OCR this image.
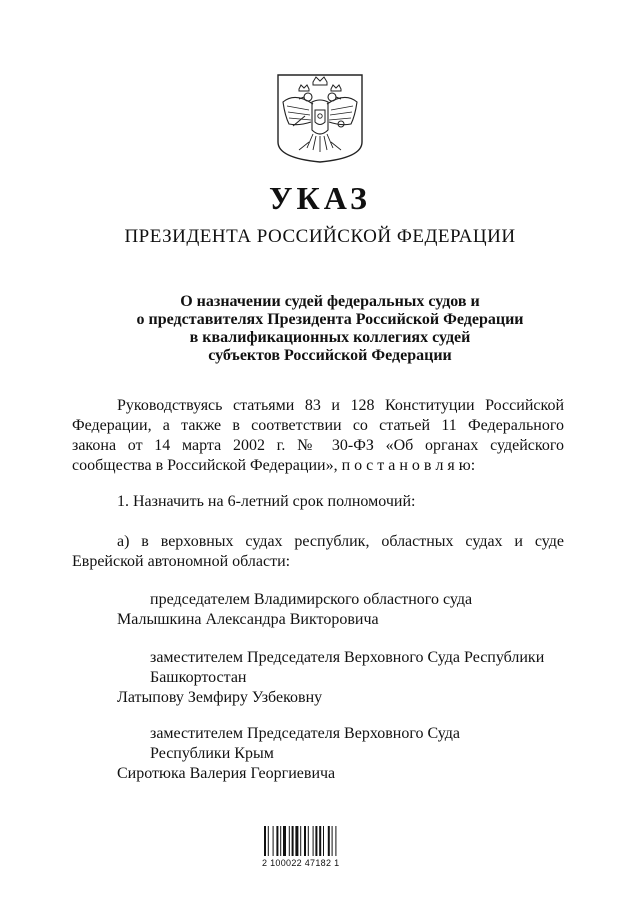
УКАЗ
ПРЕЗИДЕНТА РОССИЙСКОЙ ФЕДЕРАЦИИ
О назначении судей федеральных судов и
о представителях Президента Российской Федерации
в квалификационных коллегиях судей
субъектов Российской Федерации
Руководствуясь статьями 83 и 128 Конституции Российской
Федерации, а также в соответствии со статьей 11 Федерального
закона от 14 марта 2002 г. № 30-ФЗ «Об органах судейского
сообщества в Российской Федерации», п о с т а н о в л я ю:
1. Назначить на 6-летний срок полномочий:
а) в верховных судах республик, областных судах и суде
Еврейской автономной области:
председателем Владимирского областного суда
Малышкина Александра Викторовича
заместителем Председателя Верховного Суда Республики
Башкортостан
Латыпову Земфиру Узбековну
заместителем Председателя Верховного Суда
Республики Крым
Сиротюка Валерия Георгиевича
2 100022 47182 1
